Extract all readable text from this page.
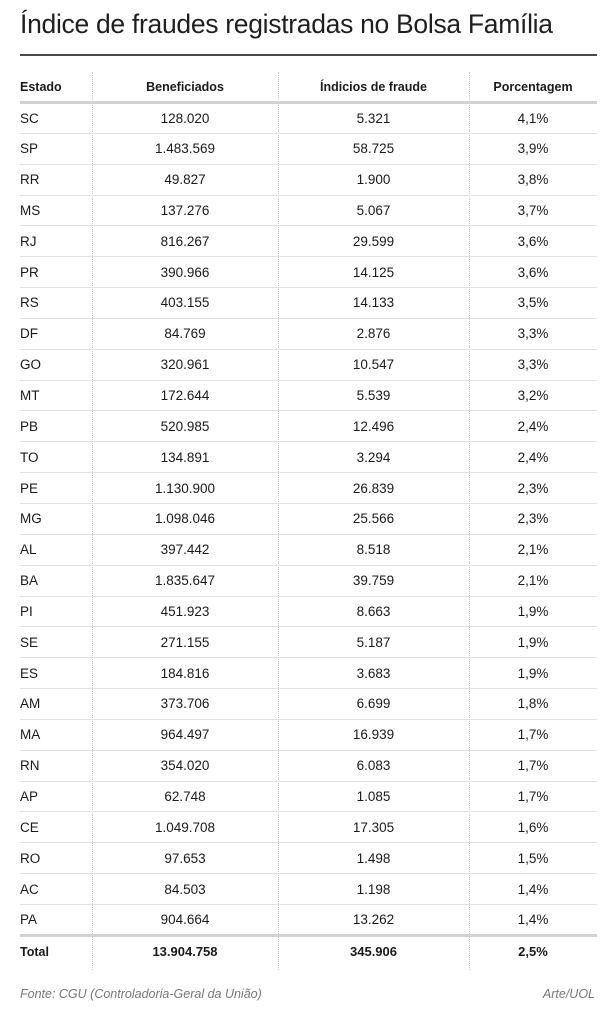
Índice de fraudes registradas no Bolsa Família
Estado	Beneficiados	Índicios de fraude	Porcentagem
SC	128.020	5.321	4,1%
SP	1.483.569	58.725	3,9%
RR	49.827	1.900	3,8%
MS	137.276	5.067	3,7%
RJ	816.267	29.599	3,6%
PR	390.966	14.125	3,6%
RS	403.155	14.133	3,5%
DF	84.769	2.876	3,3%
GO	320.961	10.547	3,3%
MT	172.644	5.539	3,2%
PB	520.985	12.496	2,4%
TO	134.891	3.294	2,4%
PE	1.130.900	26.839	2,3%
MG	1.098.046	25.566	2,3%
AL	397.442	8.518	2,1%
BA	1.835.647	39.759	2,1%
PI	451.923	8.663	1,9%
SE	271.155	5.187	1,9%
ES	184.816	3.683	1,9%
AM	373.706	6.699	1,8%
MA	964.497	16.939	1,7%
RN	354.020	6.083	1,7%
AP	62.748	1.085	1,7%
CE	1.049.708	17.305	1,6%
RO	97.653	1.498	1,5%
AC	84.503	1.198	1,4%
PA	904.664	13.262	1,4%
Total	13.904.758	345.906	2,5%
Fonte: CGU (Controladoria-Geral da União)	Arte/UOL
